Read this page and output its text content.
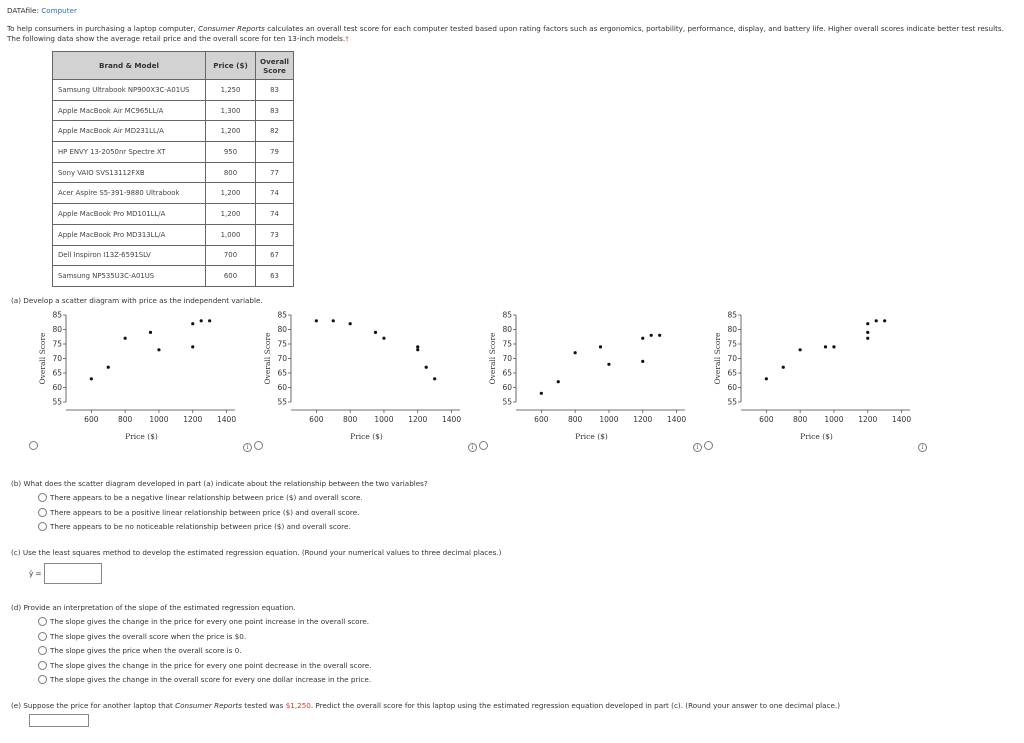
DATAfile: Computer
To help consumers in purchasing a laptop computer, Consumer Reports calculates an overall test score for each computer tested based upon rating factors such as ergonomics, portability, performance, display, and battery life. Higher overall scores indicate better test results. The following data show the average retail price and the overall score for ten 13-inch models.†
Brand & Model	Price ($)	Overall
Score
Samsung Ultrabook NP900X3C-A01US	1,250	83
Apple MacBook Air MC965LL/A	1,300	83
Apple MacBook Air MD231LL/A	1,200	82
HP ENVY 13-2050nr Spectre XT	950	79
Sony VAIO SVS13112FXB	800	77
Acer Aspire S5-391-9880 Ultrabook	1,200	74
Apple MacBook Pro MD101LL/A	1,200	74
Apple MacBook Pro MD313LL/A	1,000	73
Dell Inspiron I13Z-6591SLV	700	67
Samsung NP535U3C-A01US	600	63
(a) Develop a scatter diagram with price as the independent variable.
55
60
65
70
75
80
85
600	800 1000 1200 1400
Price ($)
Overall Score
55
60
65
70
75
80
85
600	800 1000 1200 1400
Price ($)
Overall Score
55
60
65
70
75
80
85
600	800 1000 1200 1400
Price ($)
Overall Score
55
60
65
70
75
80
85
600	800 1000 1200 1400
Price ($)
Overall Score
i	i	i	i
(b) What does the scatter diagram developed in part (a) indicate about the relationship between the two variables?
There appears to be a negative linear relationship between price ($) and overall score.
There appears to be a positive linear relationship between price ($) and overall score.
There appears to be no noticeable relationship between price ($) and overall score.
(c) Use the least squares method to develop the estimated regression equation. (Round your numerical values to three decimal places.)
ŷ =
(d) Provide an interpretation of the slope of the estimated regression equation.
The slope gives the change in the price for every one point increase in the overall score.
The slope gives the overall score when the price is $0.
The slope gives the price when the overall score is 0.
The slope gives the change in the price for every one point decrease in the overall score.
The slope gives the change in the overall score for every one dollar increase in the price.
(e) Suppose the price for another laptop that Consumer Reports tested was $1,250. Predict the overall score for this laptop using the estimated regression equation developed in part (c). (Round your answer to one decimal place.)
